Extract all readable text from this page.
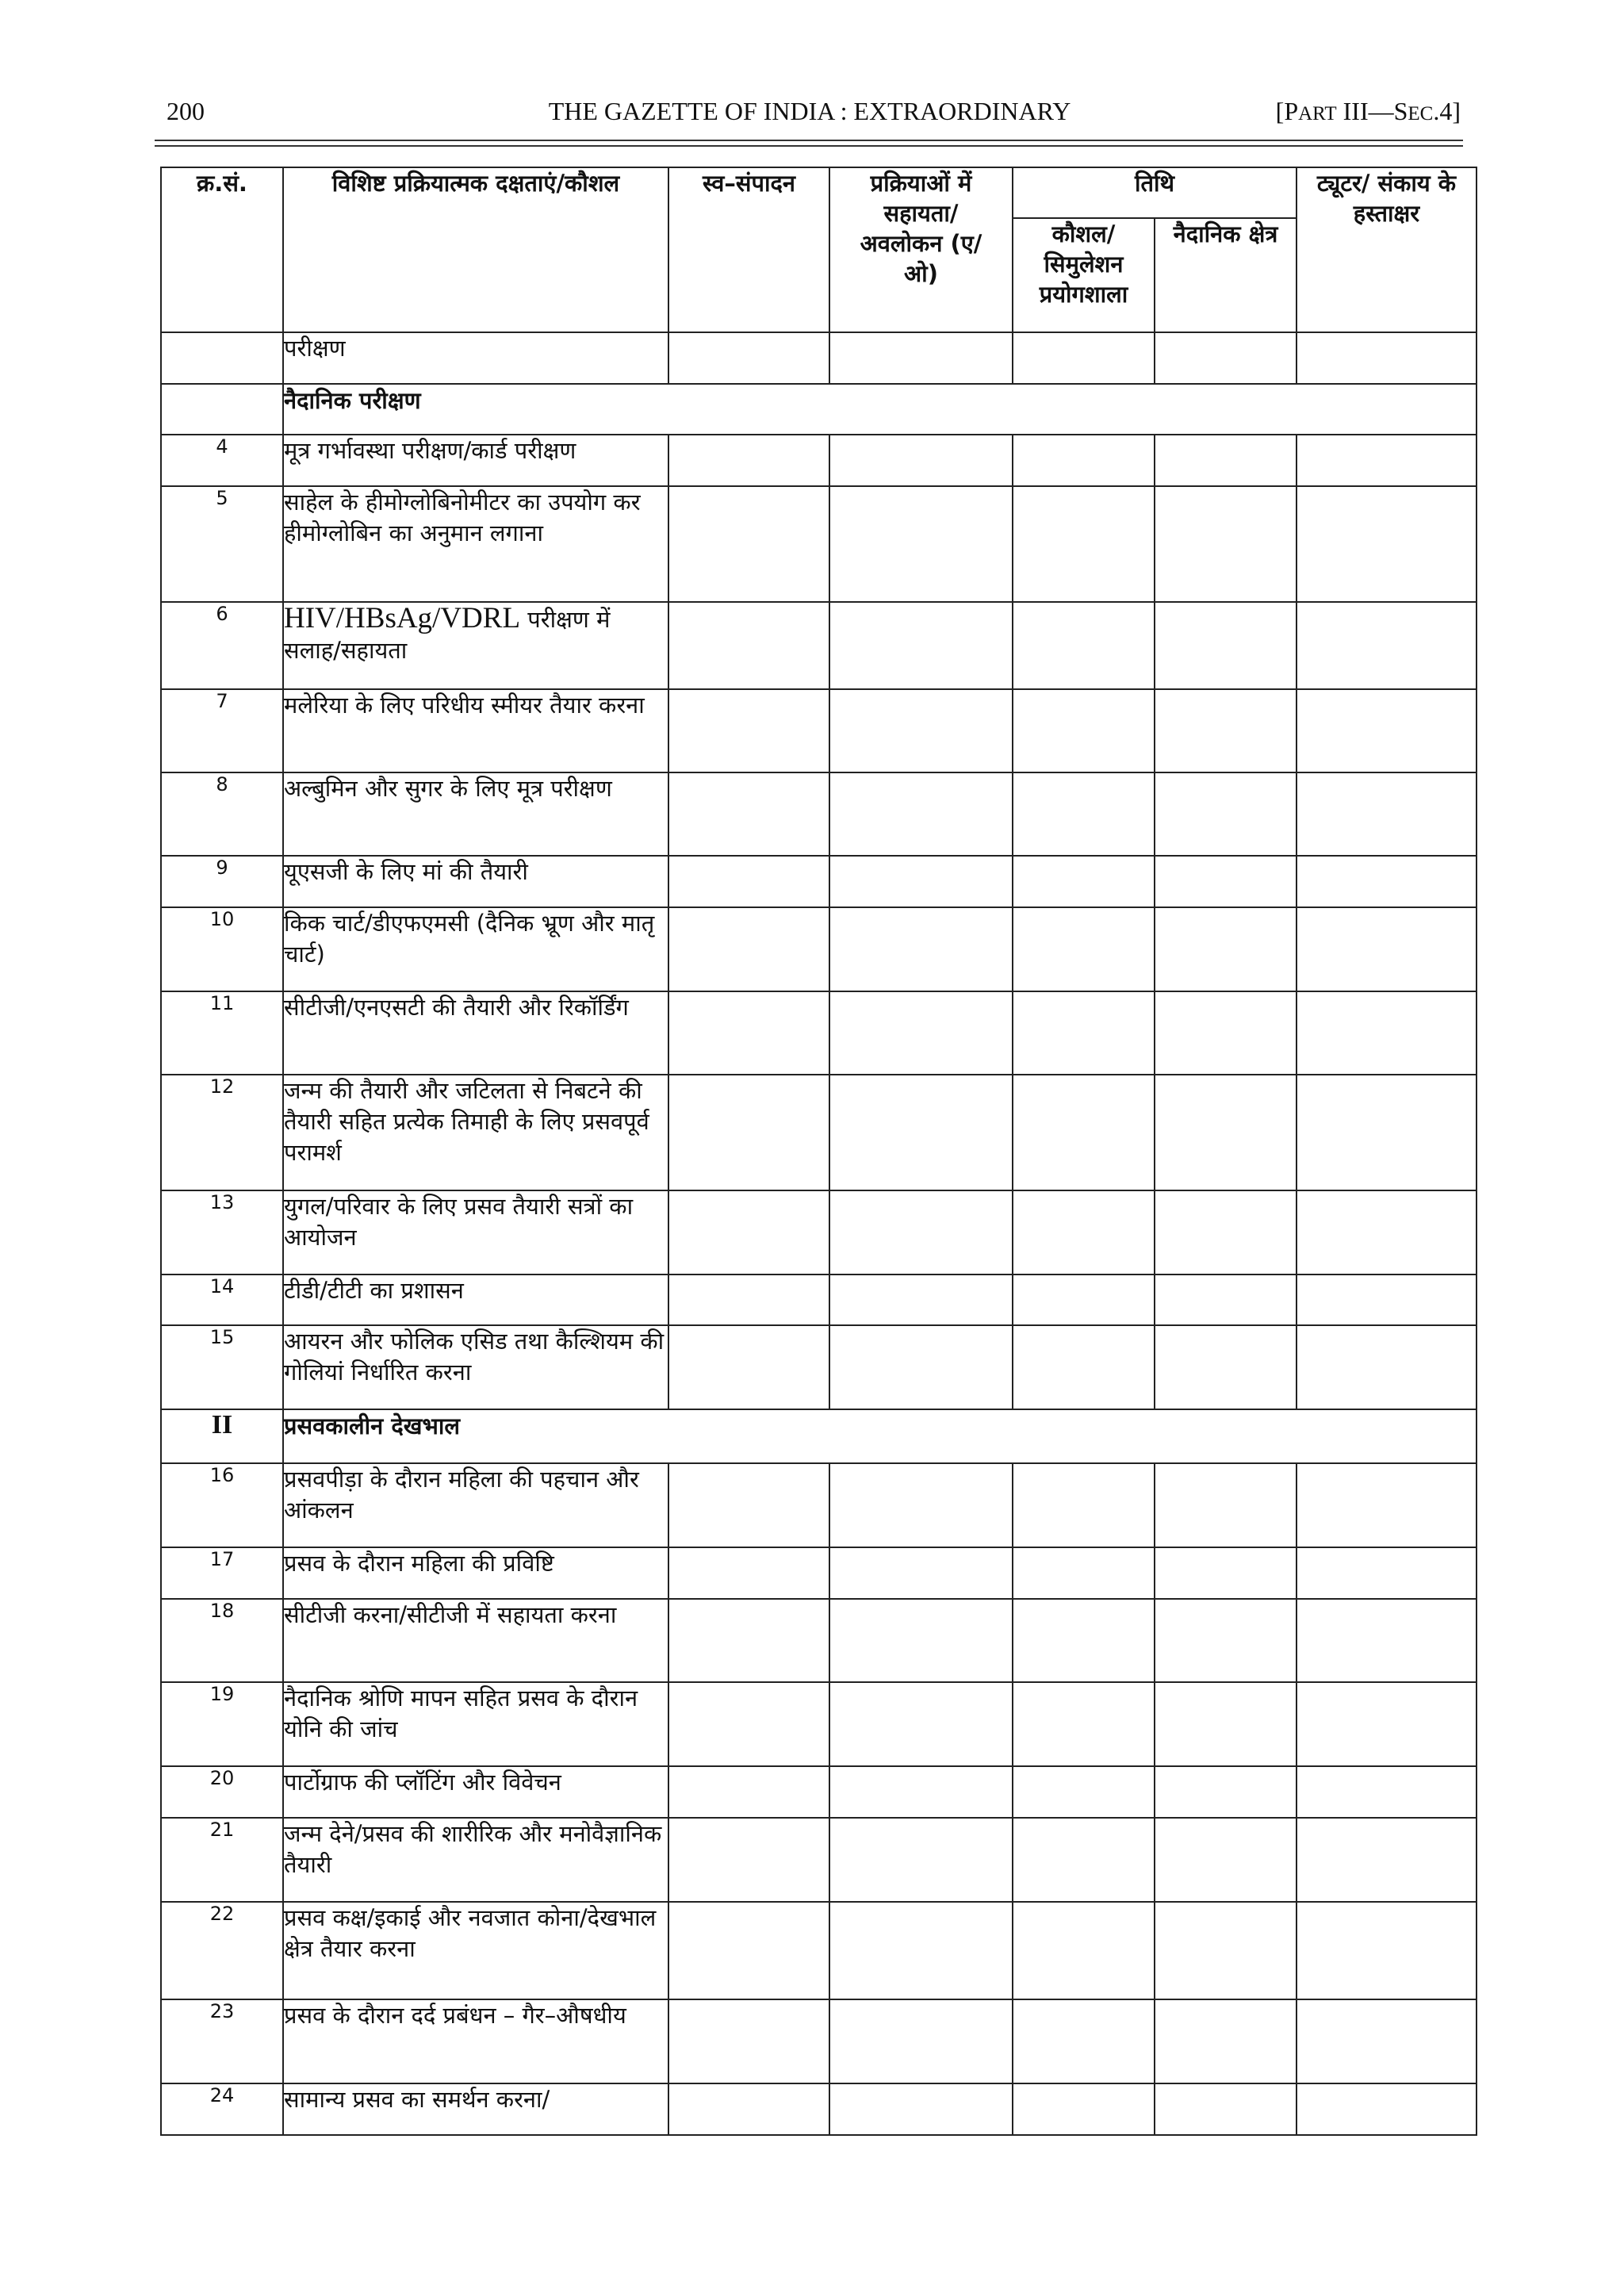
200	THE GAZETTE OF INDIA : EXTRAORDINARY	[PART III—SEC.4]
क्र.सं.	विशिष्ट प्रक्रियात्मक दक्षताएं/कौशल	स्व–संपादन	प्रक्रियाओं में सहायता/ अवलोकन (ए/ओ)	तिथि		ट्यूटर/ संकाय के हस्ताक्षर
				कौशल/ सिमुलेशन प्रयोगशाला	नैदानिक क्षेत्र	
	परीक्षण					
	नैदानिक परीक्षण					
4	मूत्र गर्भावस्था परीक्षण/कार्ड परीक्षण					
5	साहेल के हीमोग्लोबिनोमीटर का उपयोग कर हीमोग्लोबिन का अनुमान लगाना					
6	HIV/HBsAg/VDRL परीक्षण में सलाह/सहायता					
7	मलेरिया के लिए परिधीय स्मीयर तैयार करना					
8	अल्बुमिन और सुगर के लिए मूत्र परीक्षण					
9	यूएसजी के लिए मां की तैयारी					
10	किक चार्ट/डीएफएमसी (दैनिक भ्रूण और मातृ चार्ट)					
11	सीटीजी/एनएसटी की तैयारी और रिकॉर्डिंग					
12	जन्म की तैयारी और जटिलता से निबटने की तैयारी सहित प्रत्येक तिमाही के लिए प्रसवपूर्व परामर्श					
13	युगल/परिवार के लिए प्रसव तैयारी सत्रों का आयोजन					
14	टीडी/टीटी का प्रशासन					
15	आयरन और फोलिक एसिड तथा कैल्शियम की गोलियां निर्धारित करना					
II	प्रसवकालीन देखभाल					
16	प्रसवपीड़ा के दौरान महिला की पहचान और आंकलन					
17	प्रसव के दौरान महिला की प्रविष्टि					
18	सीटीजी करना/सीटीजी में सहायता करना					
19	नैदानिक श्रोणि मापन सहित प्रसव के दौरान योनि की जांच					
20	पार्टोग्राफ की प्लॉटिंग और विवेचन					
21	जन्म देने/प्रसव की शारीरिक और मनोवैज्ञानिक तैयारी					
22	प्रसव कक्ष/इकाई और नवजात कोना/देखभाल क्षेत्र तैयार करना					
23	प्रसव के दौरान दर्द प्रबंधन – गैर–औषधीय					
24	सामान्य प्रसव का समर्थन करना/					
